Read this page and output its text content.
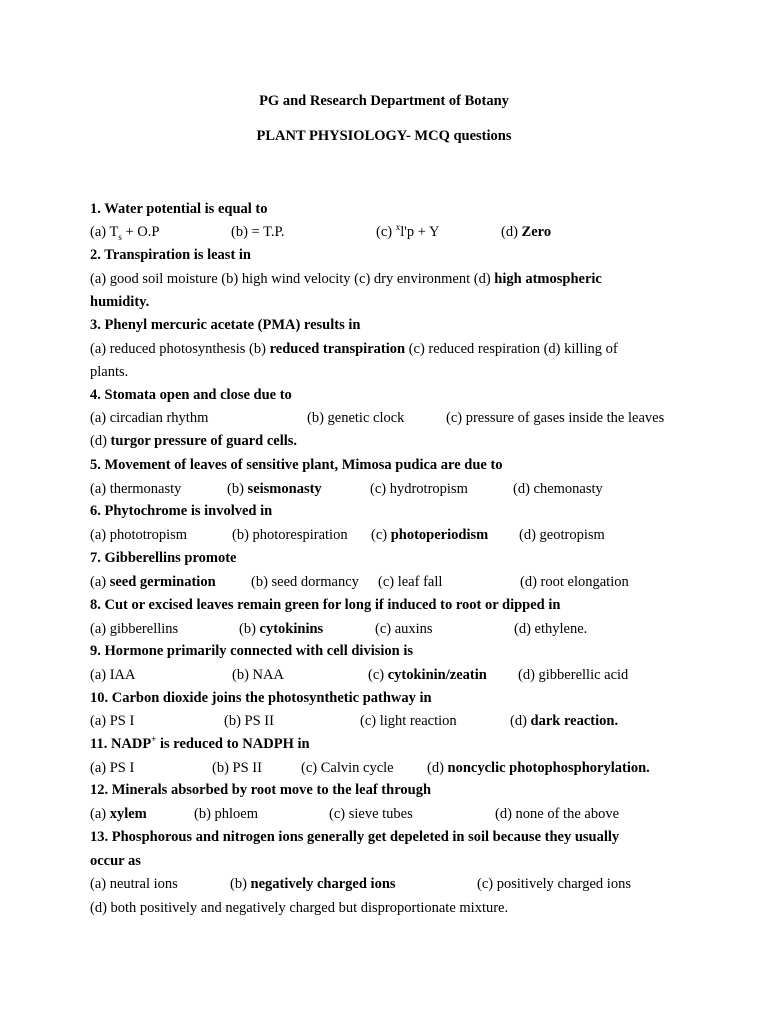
PG and Research Department of Botany
PLANT PHYSIOLOGY- MCQ questions
1. Water potential is equal to
(a) $T_s + O.P$	(b) = T.P.	(c) $^x$l'p + Y	(d) Zero
2. Transpiration is least in
(a) good soil moisture (b) high wind velocity (c) dry environment (d) high atmospheric
humidity.
3. Phenyl mercuric acetate (PMA) results in
(a) reduced photosynthesis (b) reduced transpiration (c) reduced respiration (d) killing of
plants.
4. Stomata open and close due to
(a) circadian rhythm	(b) genetic clock	(c) pressure of gases inside the leaves
(d) turgor pressure of guard cells.
5. Movement of leaves of sensitive plant, Mimosa pudica are due to
(a) thermonasty	(b) seismonasty	(c) hydrotropism	(d) chemonasty
6. Phytochrome is involved in
(a) phototropism	(b) photorespiration (c) photoperiodism (d) geotropism
7. Gibberellins promote
(a) seed germination (b) seed dormancy (c) leaf fall	(d) root elongation
8. Cut or excised leaves remain green for long if induced to root or dipped in
(a) gibberellins	(b) cytokinins	(c) auxins	(d) ethylene.
9. Hormone primarily connected with cell division is
(a) IAA	(b) NAA	(c) cytokinin/zeatin (d) gibberellic acid
10. Carbon dioxide joins the photosynthetic pathway in
(a) PS I	(b) PS II	(c) light reaction	(d) dark reaction.
11. NADP+ is reduced to NADPH in
(a) PS I	(b) PS II	(c) Calvin cycle (d) noncyclic photophosphorylation.
12. Minerals absorbed by root move to the leaf through
(a) xylem	(b) phloem	(c) sieve tubes	(d) none of the above
13. Phosphorous and nitrogen ions generally get depeleted in soil because they usually
occur as
(a) neutral ions	(b) negatively charged ions	(c) positively charged ions
(d) both positively and negatively charged but disproportionate mixture.
